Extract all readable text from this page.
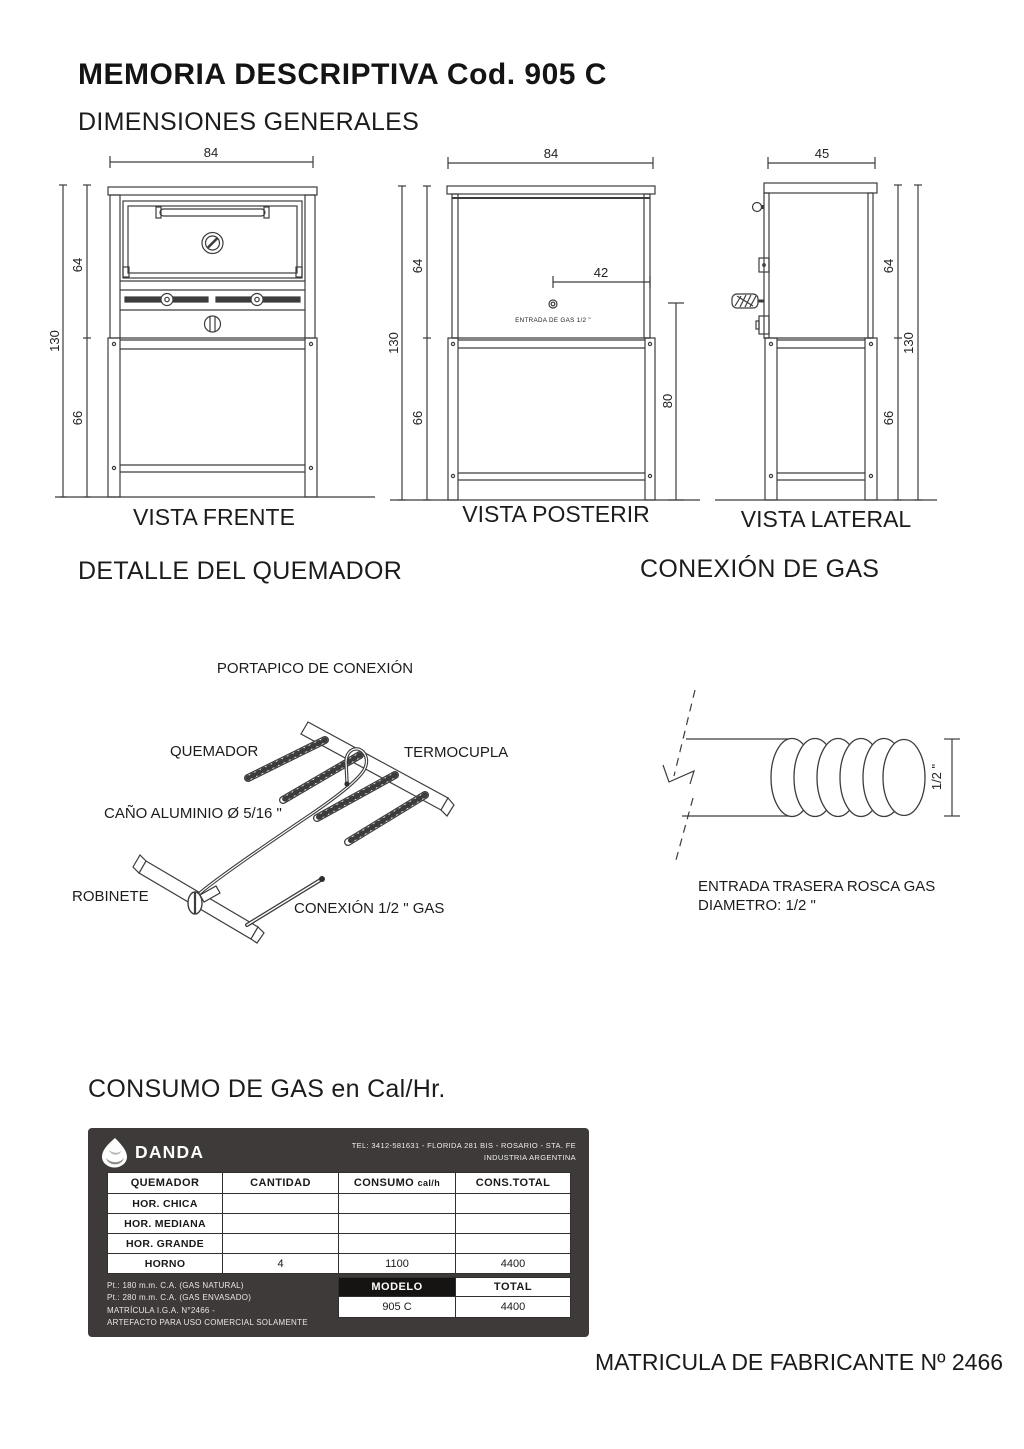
MEMORIA DESCRIPTIVA Cod. 905 C
DIMENSIONES GENERALES
84
130
64
66
VISTA FRENTE
84
42
130
64
66
80
ENTRADA DE GAS 1/2 "
VISTA POSTERIR
45
64
66
130
VISTA LATERAL
DETALLE DEL QUEMADOR	CONEXIÓN DE GAS
PORTAPICO DE CONEXIÓN
QUEMADOR	TERMOCUPLA
CAÑO ALUMINIO Ø 5/16 "
ROBINETE
CONEXIÓN 1/2 " GAS
1/2 "
ENTRADA TRASERA ROSCA GAS
DIAMETRO: 1/2 "
CONSUMO DE GAS en Cal/Hr.
DANDA	TEL: 3412-581631 - FLORIDA 281 BIS - ROSARIO - STA. FE
INDUSTRIA ARGENTINA
QUEMADOR	CANTIDAD	CONSUMO cal/h	CONS.TOTAL
HOR. CHICA			
HOR. MEDIANA			
HOR. GRANDE			
HORNO	4	1100	4400
MODELO	TOTAL
905 C	4400
Pt.: 180 m.m. C.A. (GAS NATURAL)
Pt.: 280 m.m. C.A. (GAS ENVASADO)
MATRÍCULA I.G.A. N°2466 -
ARTEFACTO PARA USO COMERCIAL SOLAMENTE
MATRICULA DE FABRICANTE Nº 2466
